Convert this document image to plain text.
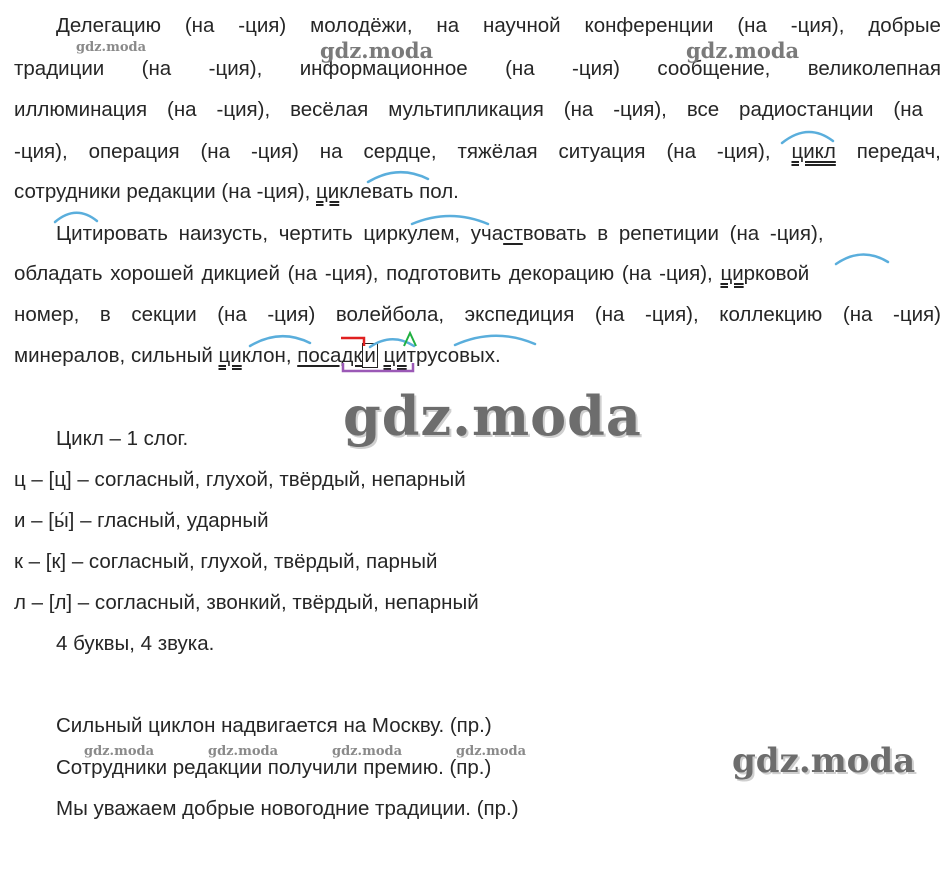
Делегацию (на -ция) молодёжи, на научной конференции (на -ция), добрые
традиции (на -ция), информационное (на -ция) сообщение, великолепная
иллюминация (на -ция), весёлая мультипликация (на -ция), все радиостанции (на
-ция), операция (на -ция) на сердце, тяжёлая ситуация (на -ция), цикл передач,
сотрудники редакции (на -ция), циклевать пол.
Цитировать наизусть, чертить циркулем, участвовать в репетиции (на -ция),
обладать хорошей дикцией (на -ция), подготовить декорацию (на -ция), цирковой
номер, в секции (на -ция) волейбола, экспедиция (на -ция), коллекцию (на -ция)
минералов, сильный циклон, посадки цитрусовых.
Цикл – 1 слог.
ц – [ц] – согласный, глухой, твёрдый, непарный
и – [ы́] – гласный, ударный
к – [к] – согласный, глухой, твёрдый, парный
л – [л] – согласный, звонкий, твёрдый, непарный
4 буквы, 4 звука.
Сильный циклон надвигается на Москву. (пр.)
Сотрудники редакции получили премию. (пр.)
Мы уважаем добрые новогодние традиции. (пр.)
gdz.moda	gdz.moda	gdz.moda
gdz.moda
gdz.moda	gdz.moda	gdz.moda	gdz.moda	gdz.moda
